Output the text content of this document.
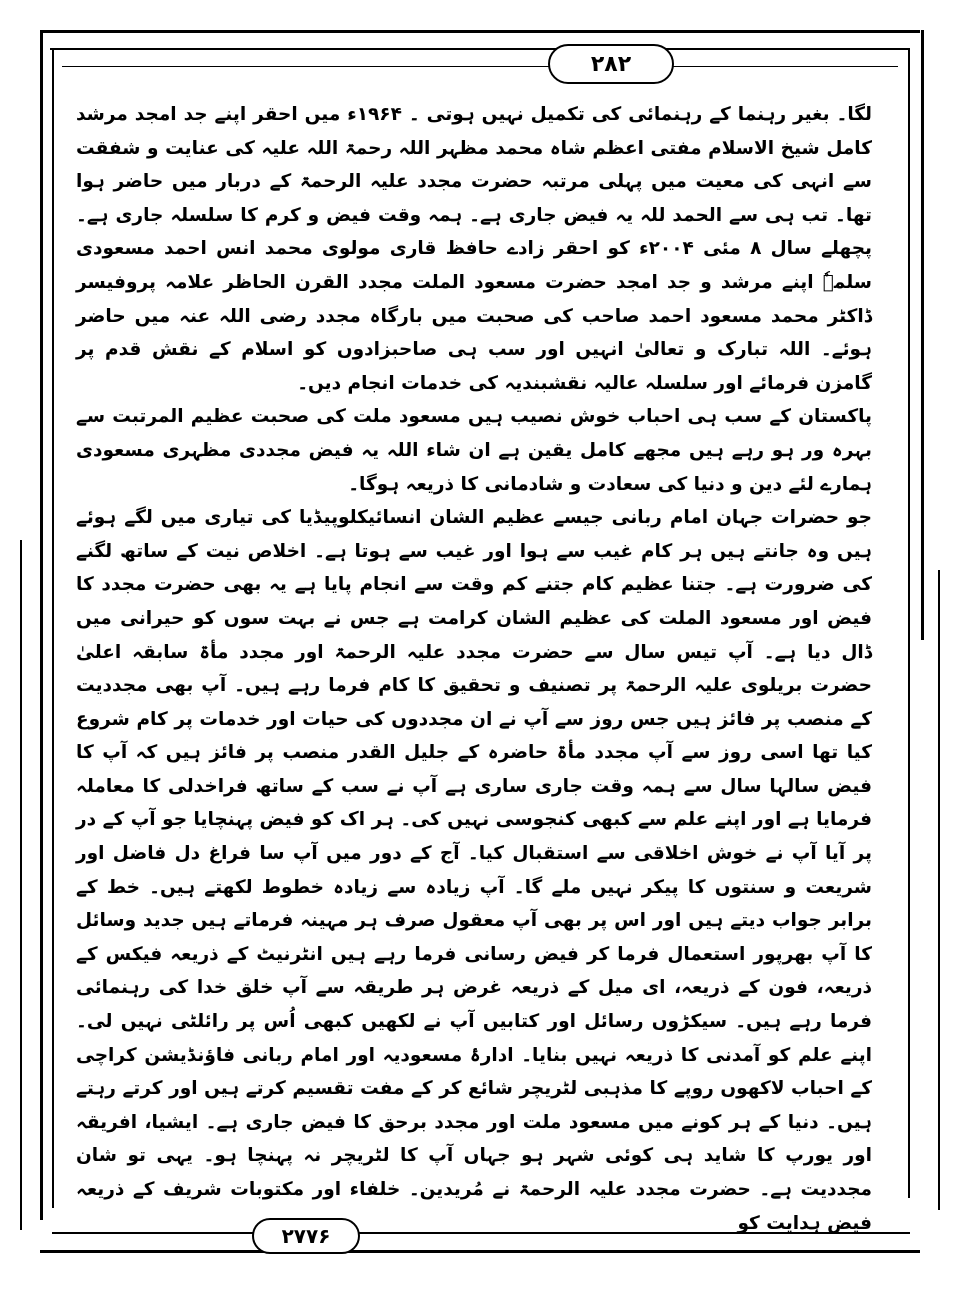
۲۸۲

لگا۔ بغیر رہنما کے رہنمائی کی تکمیل نہیں ہوتی ۔ ۱۹۶۴ء میں احقر اپنے جد امجد مرشد کامل شیخ الاسلام مفتی اعظم شاہ محمد مظہر اللہ رحمۃ اللہ علیہ کی عنایت و شفقت سے انہی کی معیت میں پہلی مرتبہ حضرت مجدد علیہ الرحمۃ کے دربار میں حاضر ہوا تھا۔ تب ہی سے الحمد للہ یہ فیض جاری ہے۔ ہمہ وقت فیض و کرم کا سلسلہ جاری ہے۔ پچھلے سال ۸ مئی ۲۰۰۴ء کو احقر زادے حافظ قاری مولوی محمد انس احمد مسعودی سلمہٗ اپنے مرشد و جد امجد حضرت مسعود الملت مجدد القرن الحاظر علامہ پروفیسر ڈاکٹر محمد مسعود احمد صاحب کی صحبت میں بارگاہ مجدد رضی اللہ عنہ میں حاضر ہوئے۔ اللہ تبارک و تعالیٰ انہیں اور سب ہی صاحبزادوں کو اسلام کے نقش قدم پر گامزن فرمائے اور سلسلہ عالیہ نقشبندیہ کی خدمات انجام دیں۔

پاکستان کے سب ہی احباب خوش نصیب ہیں مسعود ملت کی صحبت عظیم المرتبت سے بہرہ ور ہو رہے ہیں مجھے کامل یقین ہے ان شاء اللہ یہ فیض مجددی مظہری مسعودی ہمارے لئے دین و دنیا کی سعادت و شادمانی کا ذریعہ ہوگا۔

جو حضرات جہان امام ربانی جیسے عظیم الشان انسائیکلوپیڈیا کی تیاری میں لگے ہوئے ہیں وہ جانتے ہیں ہر کام غیب سے ہوا اور غیب سے ہوتا ہے۔ اخلاص نیت کے ساتھ لگنے کی ضرورت ہے۔ جتنا عظیم کام جتنے کم وقت سے انجام پایا ہے یہ بھی حضرت مجدد کا فیض اور مسعود الملت کی عظیم الشان کرامت ہے جس نے بہت سوں کو حیرانی میں ڈال دیا ہے۔ آپ تیس سال سے حضرت مجدد علیہ الرحمۃ اور مجدد مأۃ سابقہ اعلیٰ حضرت بریلوی علیہ الرحمۃ پر تصنیف و تحقیق کا کام فرما رہے ہیں۔ آپ بھی مجددیت کے منصب پر فائز ہیں جس روز سے آپ نے ان مجددوں کی حیات اور خدمات پر کام شروع کیا تھا اسی روز سے آپ مجدد مأۃ حاضرہ کے جلیل القدر منصب پر فائز ہیں کہ آپ کا فیض سالہا سال سے ہمہ وقت جاری ساری ہے آپ نے سب کے ساتھ فراخدلی کا معاملہ فرمایا ہے اور اپنے علم سے کبھی کنجوسی نہیں کی۔ ہر اک کو فیض پہنچایا جو آپ کے در پر آیا آپ نے خوش اخلاقی سے استقبال کیا۔ آج کے دور میں آپ سا فراغ دل فاضل اور شریعت و سنتوں کا پیکر نہیں ملے گا۔ آپ زیادہ سے زیادہ خطوط لکھتے ہیں۔ خط کے برابر جواب دیتے ہیں اور اس پر بھی آپ معقول صرف ہر مہینہ فرماتے ہیں جدید وسائل کا آپ بھرپور استعمال فرما کر فیض رسانی فرما رہے ہیں انٹرنیٹ کے ذریعہ فیکس کے ذریعہ، فون کے ذریعہ، ای میل کے ذریعہ غرض ہر طریقہ سے آپ خلق خدا کی رہنمائی فرما رہے ہیں۔ سیکڑوں رسائل اور کتابیں آپ نے لکھیں کبھی اُس پر رائلٹی نہیں لی۔ اپنے علم کو آمدنی کا ذریعہ نہیں بنایا۔ ادارۂ مسعودیہ اور امام ربانی فاؤنڈیشن کراچی کے احباب لاکھوں روپے کا مذہبی لٹریچر شائع کر کے مفت تقسیم کرتے ہیں اور کرتے رہتے ہیں۔ دنیا کے ہر کونے میں مسعود ملت اور مجدد برحق کا فیض جاری ہے۔ ایشیا، افریقہ اور یورپ کا شاید ہی کوئی شہر ہو جہاں آپ کا لٹریچر نہ پہنچا ہو۔ یہی تو شان مجددیت ہے۔ حضرت مجدد علیہ الرحمۃ نے مُریدین۔ خلفاء اور مکتوبات شریف کے ذریعہ فیض ہدایت کو

۲۷۷۶
